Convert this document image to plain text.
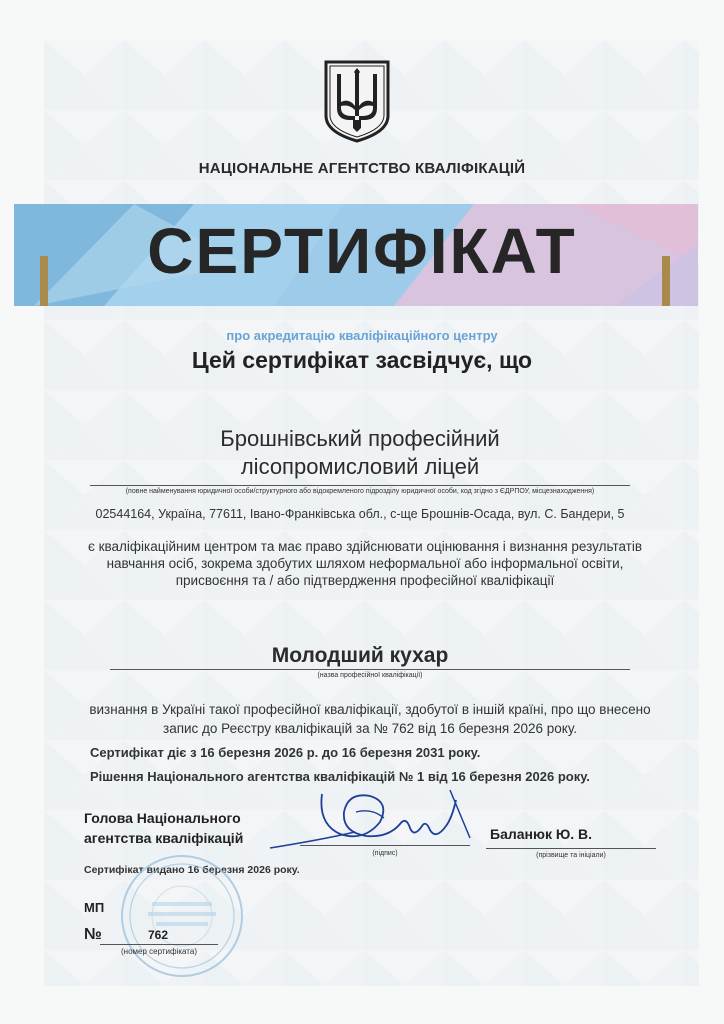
НАЦІОНАЛЬНЕ АГЕНТСТВО КВАЛІФІКАЦІЙ
СЕРТИФІКАТ
про акредитацію кваліфікаційного центру
Цей сертифікат засвідчує, що
Брошнівський професійний
лісопромисловий ліцей
(повне найменування юридичної особи/структурного або відокремленого підрозділу юридичної особи, код згідно з ЄДРПОУ, місцезнаходження)
02544164, Україна, 77611, Івано-Франківська обл., с-ще Брошнів-Осада, вул. С. Бандери, 5
є кваліфікаційним центром та має право здійснювати оцінювання і визнання результатів навчання осіб, зокрема здобутих шляхом неформальної або інформальної освіти, присвоєння та / або підтвердження професійної кваліфікації
Молодший кухар
(назва професійної кваліфікації)
визнання в Україні такої професійної кваліфікації, здобутої в іншій країні, про що внесено запис до Реєстру кваліфікацій за № 762 від 16 березня 2026 року.
Сертифікат діє з 16 березня 2026 р. до 16 березня 2031 року.
Рішення Національного агентства кваліфікацій № 1 від 16 березня 2026 року.
Голова Національного
агентства кваліфікацій
(підпис)
Баланюк Ю. В.
(прізвище та ініціали)
Сертифікат видано 16 березня 2026 року.
МП
№	762
(номер сертифіката)
